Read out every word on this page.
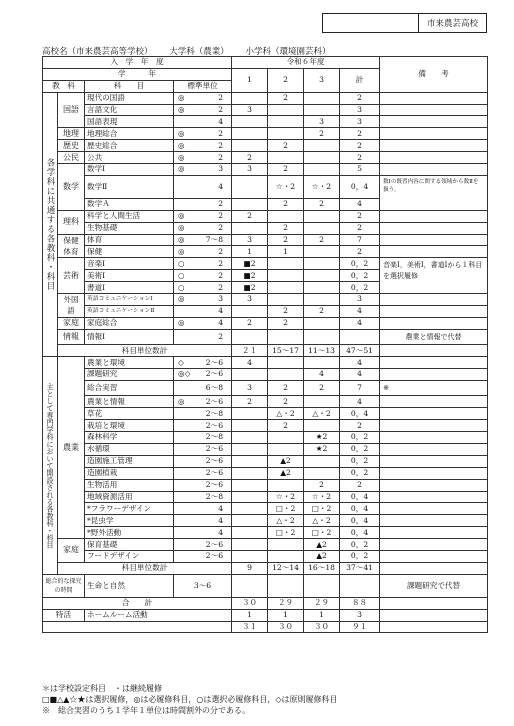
市来農芸高校
高校名（市来農芸高等学校） 大学科（農業） 小学科（環境園芸科）
入　学　年　度				令和６年度				備　　考
学　　　年				1	2	3	計	
教　科		科　　目	標準単位					

各学科に共通する各教科・科目	国語	現代の国語	◎ 2		2		2	
		言語文化	◎ 2	3			3	
		国語表現	4			3	3	
	地理	地理総合	◎ 2			2	2	
	歴史	歴史総合	◎ 2		2		2	
	公民	公共	◎ 2	2			2	
	数学	数学Ⅰ	◎ 3	3	2		5	
		数学Ⅱ	4		☆・2	☆・2	0，4	数Ⅰの既習内容に関する領域から数Ⅱを扱う。
		数学Ａ	2		2	2	4	
	理科	科学と人間生活	◎ 2	2			2	
		生物基礎	◎ 2		2		2	
	保健体育	体育	◎ 7～8	3	2	2	7	
		保健	◎ 2	1	1		2	
	芸術	音楽Ⅰ	○ 2	■2			0，2	音楽Ⅰ，美術Ⅰ，書道Ⅰから１科目を選択履修
		美術Ⅰ	○ 2	■2			0，2	
		書道Ⅰ	○ 2	■2			0，2	
	外国語	英語コミュニケーションⅠ	◎ 3	3			3	
		英語コミュニケーションⅡ	4		2	2	4	
	家庭	家庭総合	◎ 4	2	2		4	
	情報	情報Ⅰ	2					農業と情報で代替
	科目単位数計			２１	15～17	11～13	47～51	

主として専門学科において開設される各教科・科目	農業	農業と環境	◇ 2～6	4			4	
		課題研究	◎◇ 2～6			4	4	
		総合実習	6～8	3	2	2	7	※
		農業と情報	◎ 2～6	2	2		4	
		草花	2～8		△・2	△・2	0，4	
		栽培と環境	2～6		2		2	
		森林科学	2～8			★2	0，2	
		水循環	2～6			★2	0，2	
		造園施工管理	2～6		▲2		0，2	
		造園植栽	2～6		▲2		0，2	
		生物活用	2～6			2	2	
		地域資源活用	2～8		☆・2	☆・2	0，4	
		*フラワーデザイン	4		□・2	□・2	0，4	
		*昆虫学	4		△・2	△・2	0，4	
		*野外活動	4		□・2	□・2	0，4	
	家庭	保育基礎	2～6			▲2	0，2	
		フードデザイン	2～6			▲2	0，2	
	科目単位数計			9	12～14	16～18	37～41	
総合的な探究の時間		生命と自然	3～6					課題研究で代替
合　　計				３０	２９	２９	８８	
特活		ホームルーム活動		1	1	1	3	
				３１	３０	３０	９１	
＊は学校設定科目　・は継続履修
□■△▲☆★は選択履修，◎は必履修科目，○は選択必履修科目，◇は原則履修科目
※　総合実習のうち１学年１単位は時間割外の分である。
